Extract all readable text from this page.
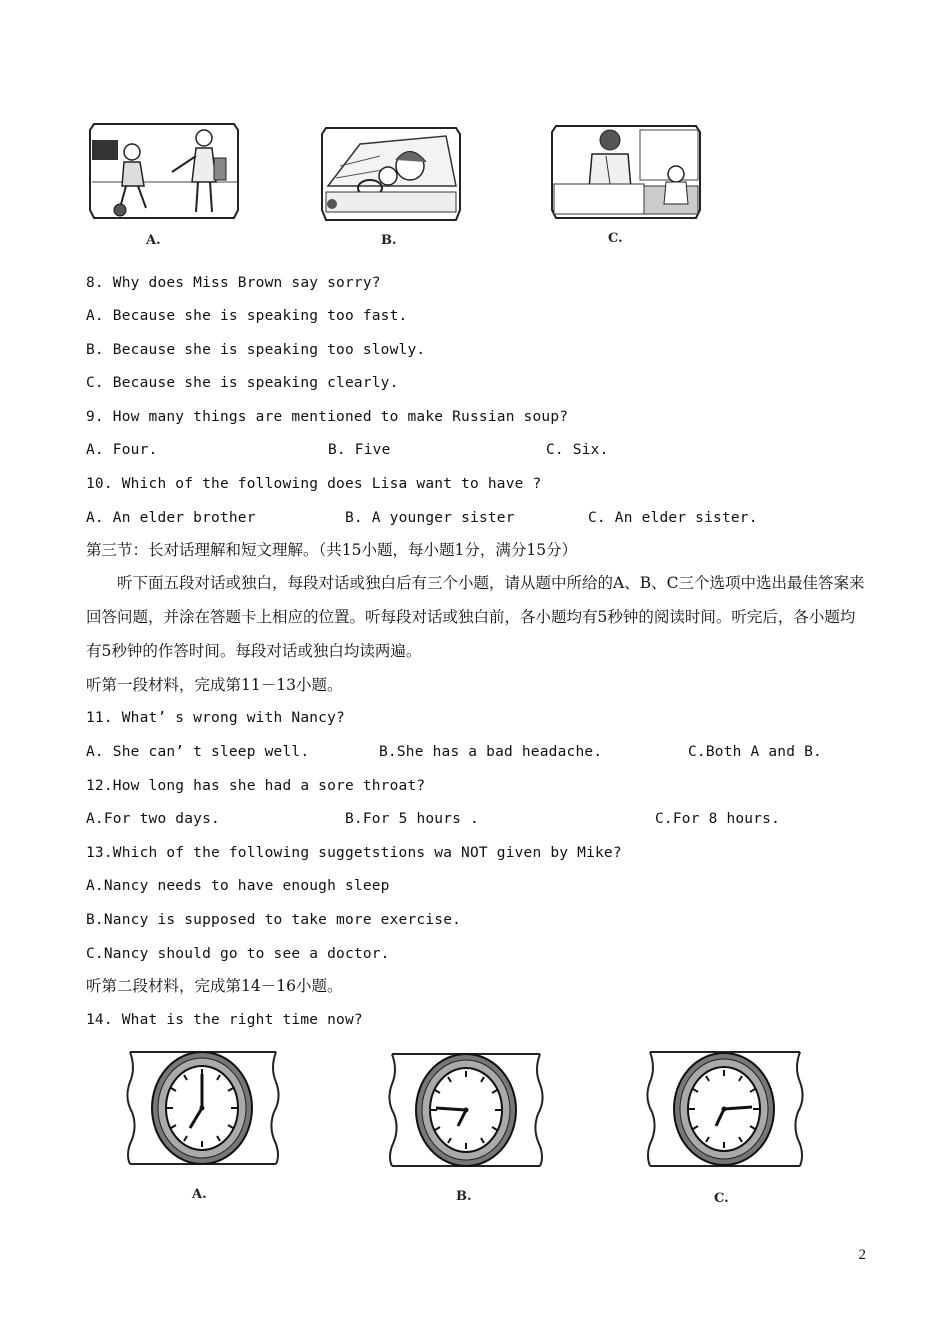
A.	B.	C.
8. Why does Miss Brown say sorry?
A. Because she is speaking too fast.
B. Because she is speaking too slowly.
C. Because she is speaking clearly.
9. How many things are mentioned to make Russian soup?
A. Four.	B. Five	C. Six.
10. Which of the following does Lisa want to have ?
A. An elder brother	B. A younger sister	C. An elder sister.
第三节：长对话理解和短文理解。（共15小题，每小题1分，满分15分）
听下面五段对话或独白，每段对话或独白后有三个小题，请从题中所给的A、B、C三个选项中选出最佳答案来回答问题，并涂在答题卡上相应的位置。听每段对话或独白前，各小题均有5秒钟的阅读时间。听完后，各小题均有5秒钟的作答时间。每段对话或独白均读两遍。
听第一段材料，完成第11－13小题。
11. What’ s wrong with Nancy?
A. She can’ t sleep well.	B.She has a bad headache.	C.Both A and B.
12.How long has she had a sore throat?
A.For two days.	B.For 5 hours .	C.For 8 hours.
13.Which of the following suggetstions wa NOT given by Mike?
A.Nancy needs to have enough sleep
B.Nancy is supposed to take more exercise.
C.Nancy should go to see a doctor.
听第二段材料，完成第14－16小题。
14. What is the right time now?
A.	B.	C.
2
